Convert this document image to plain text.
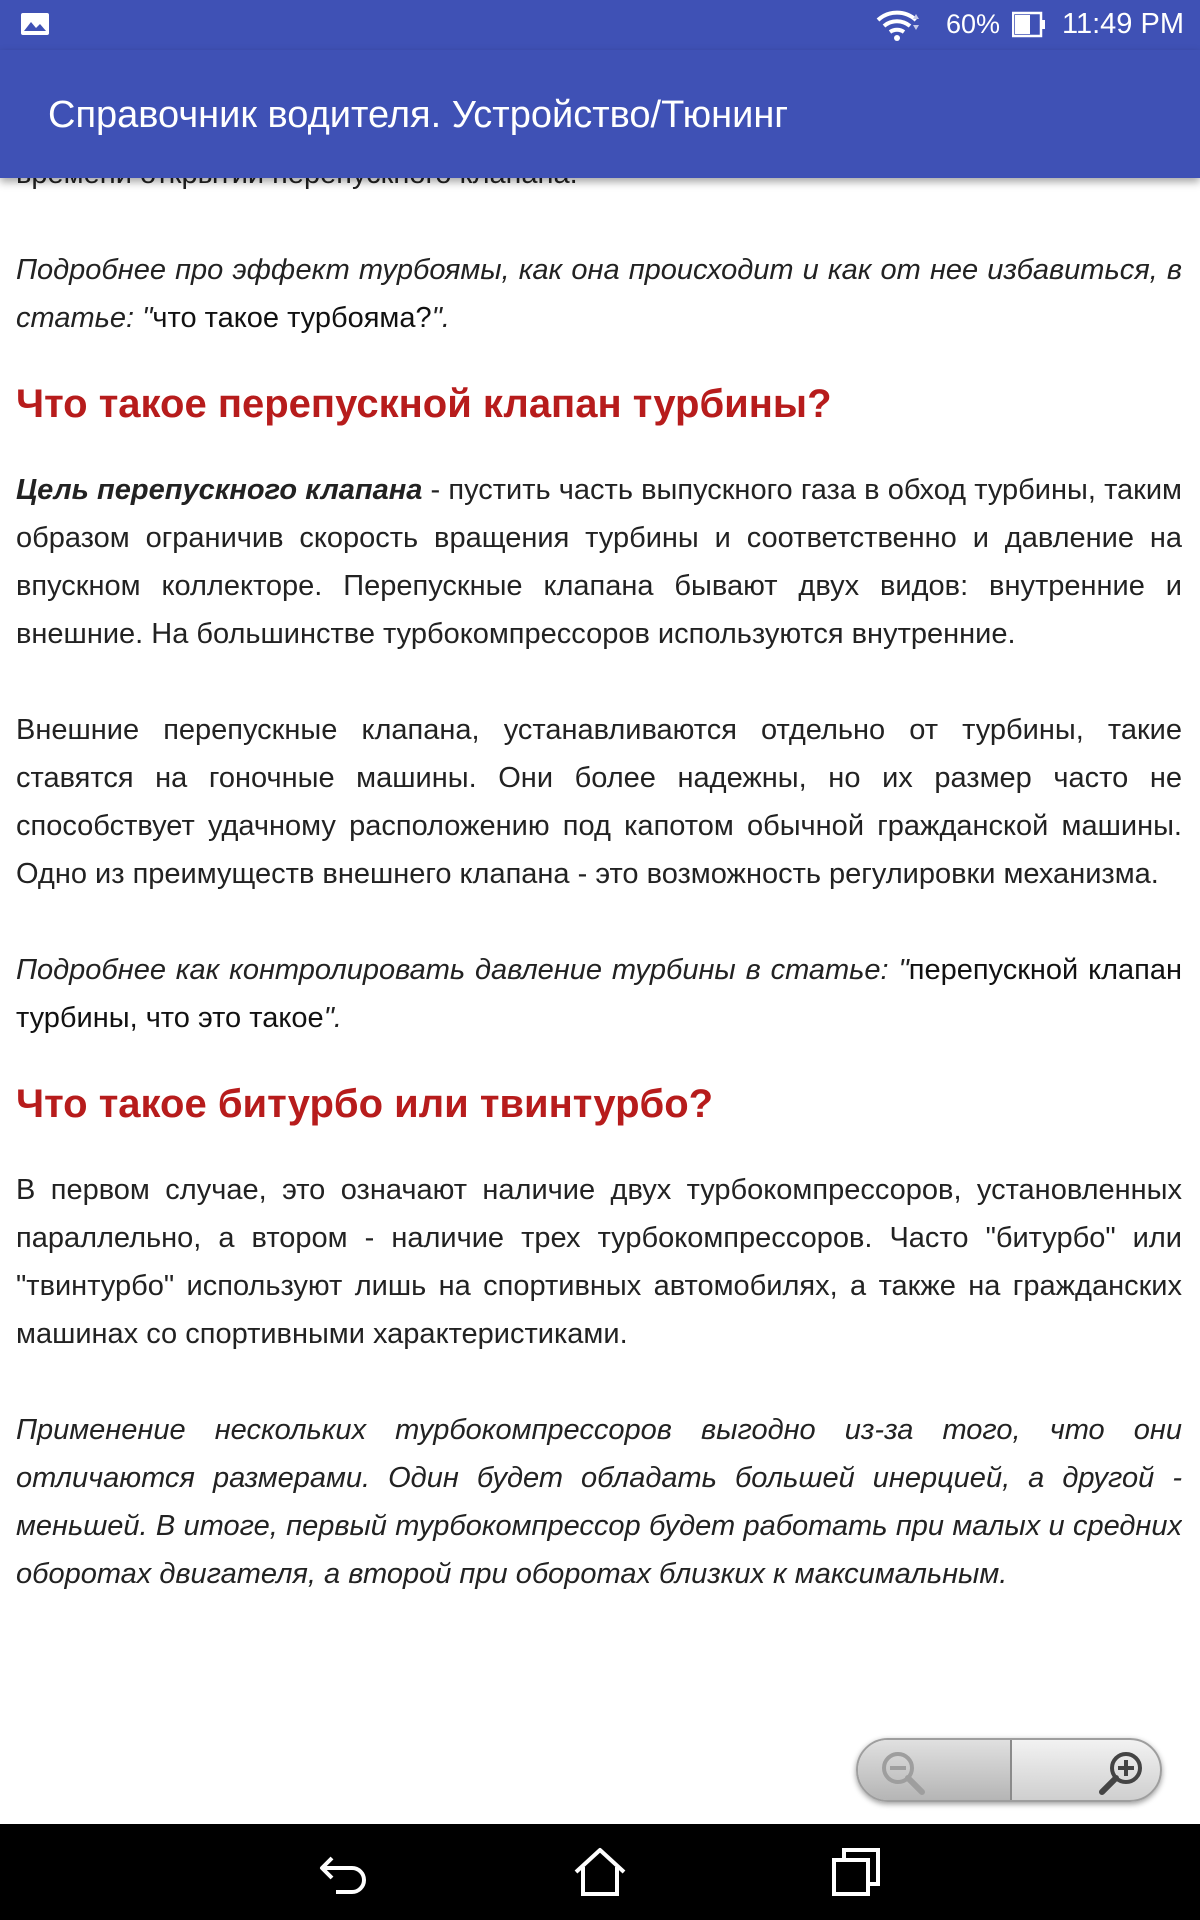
60% 11:49 PM
Справочник водителя. Устройство/Тюнинг

Подробнее про эффект турбоямы, как она происходит и как от нее избавиться, в статье: "что такое турбояма?".

Что такое перепускной клапан турбины?

Цель перепускного клапана - пустить часть выпускного газа в обход турбины, таким образом ограничив скорость вращения турбины и соответственно и давление на впускном коллекторе. Перепускные клапана бывают двух видов: внутренние и внешние. На большинстве турбокомпрессоров используются внутренние.

Внешние перепускные клапана, устанавливаются отдельно от турбины, такие ставятся на гоночные машины. Они более надежны, но их размер часто не способствует удачному расположению под капотом обычной гражданской машины. Одно из преимуществ внешнего клапана - это возможность регулировки механизма.

Подробнее как контролировать давление турбины в статье: "перепускной клапан турбины, что это такое".

Что такое битурбо или твинтурбо?

В первом случае, это означают наличие двух турбокомпрессоров, установленных параллельно, а втором - наличие трех турбокомпрессоров. Часто "битурбо" или "твинтурбо" используют лишь на спортивных автомобилях, а также на гражданских машинах со спортивными характеристиками.

Применение нескольких турбокомпрессоров выгодно из-за того, что они отличаются размерами. Один будет обладать большей инерцией, а другой - меньшей. В итоге, первый турбокомпрессор будет работать при малых и средних оборотах двигателя, а второй при оборотах близких к максимальным.
